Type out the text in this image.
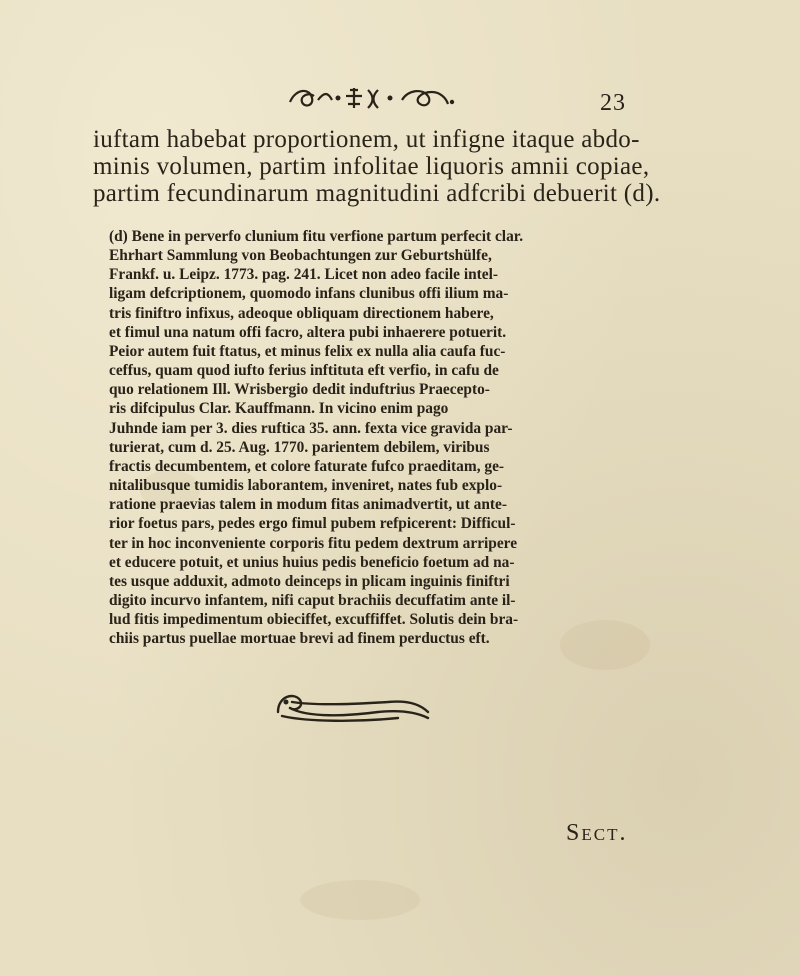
23
iuftam habebat proportionem, ut infigne itaque abdo-
minis volumen, partim infolitae liquoris amnii copiae,
partim fecundinarum magnitudini adfcribi debuerit (d).
(d) Bene in perverfo clunium fitu verfione partum perfecit clar.
Ehrhart Sammlung von Beobachtungen zur Geburtshülfe,
Frankf. u. Leipz. 1773. pag. 241. Licet non adeo facile intel-
ligam defcriptionem, quomodo infans clunibus offi ilium ma-
tris finiftro infixus, adeoque obliquam directionem habere,
et fimul una natum offi facro, altera pubi inhaerere potuerit.
Peior autem fuit ftatus, et minus felix ex nulla alia caufa fuc-
ceffus, quam quod iufto ferius inftituta eft verfio, in cafu de
quo relationem Ill. Wrisbergio dedit induftrius Praecepto-
ris difcipulus Clar. Kauffmann. In vicino enim pago
Juhnde iam per 3. dies ruftica 35. ann. fexta vice gravida par-
turierat, cum d. 25. Aug. 1770. parientem debilem, viribus
fractis decumbentem, et colore faturate fufco praeditam, ge-
nitalibusque tumidis laborantem, inveniret, nates fub explo-
ratione praevias talem in modum fitas animadvertit, ut ante-
rior foetus pars, pedes ergo fimul pubem refpicerent: Difficul-
ter in hoc inconveniente corporis fitu pedem dextrum arripere
et educere potuit, et unius huius pedis beneficio foetum ad na-
tes usque adduxit, admoto deinceps in plicam inguinis finiftri
digito incurvo infantem, nifi caput brachiis decuffatim ante il-
lud fitis impedimentum obieciffet, excuffiffet. Solutis dein bra-
chiis partus puellae mortuae brevi ad finem perductus eft.
Sect.
